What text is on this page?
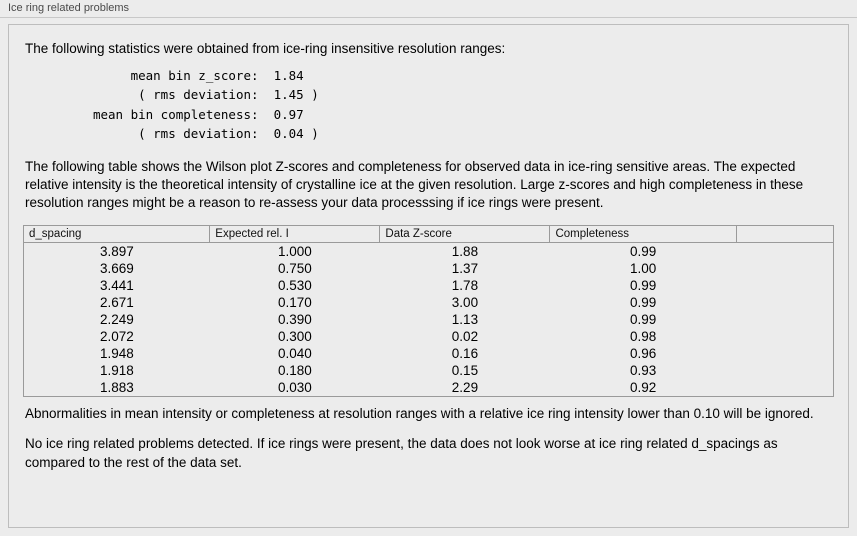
Ice ring related problems
The following statistics were obtained from ice-ring insensitive resolution ranges:
mean bin z_score: 1.84
( rms deviation: 1.45 )
mean bin completeness: 0.97
( rms deviation: 0.04 )
The following table shows the Wilson plot Z-scores and completeness for observed data in ice-ring sensitive areas. The expected relative intensity is the theoretical intensity of crystalline ice at the given resolution. Large z-scores and high completeness in these resolution ranges might be a reason to re-assess your data processsing if ice rings were present.
d_spacing	Expected rel. I	Data Z-score	Completeness	
3.897	1.000	1.88	0.99	
3.669	0.750	1.37	1.00	
3.441	0.530	1.78	0.99	
2.671	0.170	3.00	0.99	
2.249	0.390	1.13	0.99	
2.072	0.300	0.02	0.98	
1.948	0.040	0.16	0.96	
1.918	0.180	0.15	0.93	
1.883	0.030	2.29	0.92	
Abnormalities in mean intensity or completeness at resolution ranges with a relative ice ring intensity lower than 0.10 will be ignored.
No ice ring related problems detected. If ice rings were present, the data does not look worse at ice ring related d_spacings as compared to the rest of the data set.
